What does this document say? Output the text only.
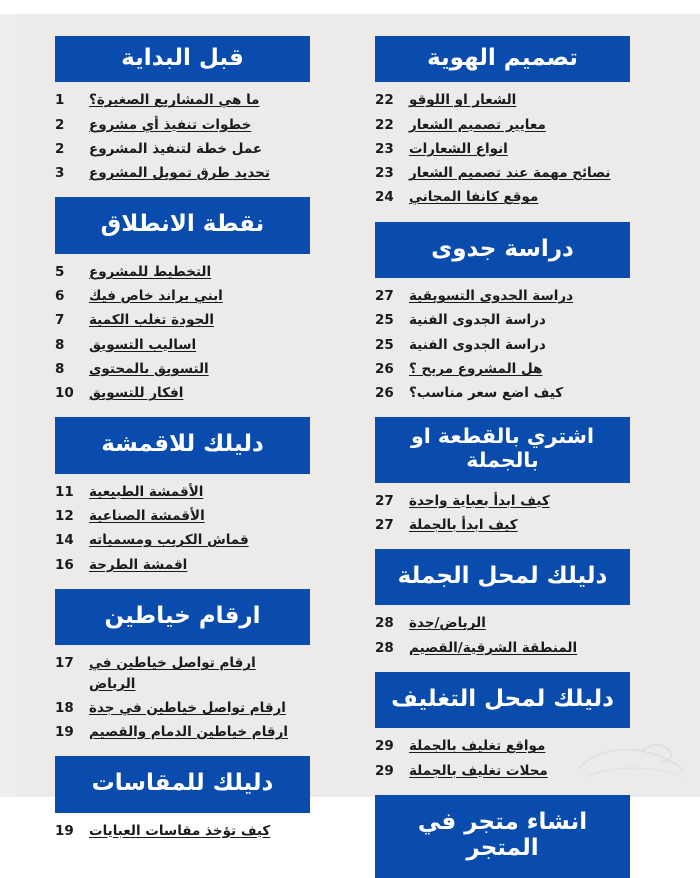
قبل البداية
ما هي المشاريع الصغيرة؟
1
خطوات تنفيذ أي مشروع
2
عمل خطة لتنفيذ المشروع
2
تحديد طرق تمويل المشروع
3
نقطة الانطلاق
التخطيط للمشروع
5
ابني براند خاص فيك
6
الجودة تغلب الكمية
7
اساليب التسويق
8
التسويق بالمحتوى
8
افكار للتسويق
10
دليلك للاقمشة
الأقمشة الطبيعية
11
الأقمشة الصناعية
12
قماش الكريب ومسمياته
14
اقمشة الطرحة
16
ارقام خياطين
ارقام تواصل خياطين في الرياض
17
ارقام تواصل خياطين في جدة
18
ارقام خياطين الدمام والقصيم
19
دليلك للمقاسات
كيف تؤخذ مقاسات العبايات
19
تصميم الهوية
الشعار او اللوقو
22
معايير تصميم الشعار
22
انواع الشعارات
23
نصائح مهمة عند تصميم الشعار
23
موقع كانفا المجاني
24
دراسة جدوى
دراسة الجدوى التسويقية
27
دراسة الجدوى الفنية
25
دراسة الجدوى الفنية
25
هل المشروع مربح ؟
26
كيف اضع سعر مناسب؟
26
اشتري بالقطعة او بالجملة
كيف ابدأ بعباية واحدة
27
كيف ابدأ بالجملة
27
دليلك لمحل الجملة
الرياض/جدة
28
المنطقة الشرقية/القصيم
28
دليلك لمحل التغليف
مواقع تغليف بالجملة
29
محلات تغليف بالجملة
29
انشاء متجر في المتجر
